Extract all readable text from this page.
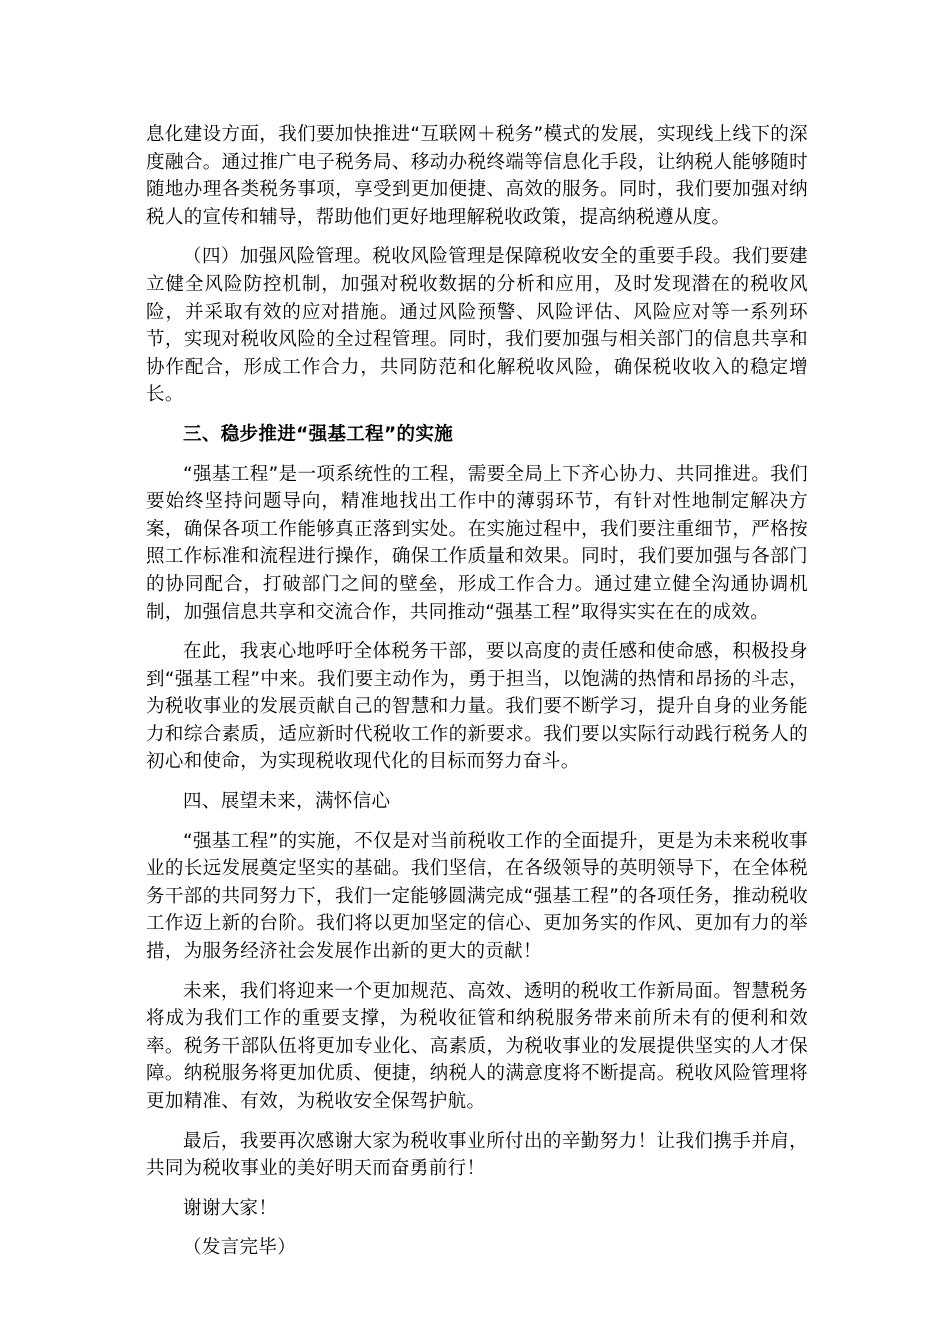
息化建设方面，我们要加快推进“互联网＋税务”模式的发展，实现线上线下的深度融合。通过推广电子税务局、移动办税终端等信息化手段，让纳税人能够随时随地办理各类税务事项，享受到更加便捷、高效的服务。同时，我们要加强对纳税人的宣传和辅导，帮助他们更好地理解税收政策，提高纳税遵从度。

（四）加强风险管理。税收风险管理是保障税收安全的重要手段。我们要建立健全风险防控机制，加强对税收数据的分析和应用，及时发现潜在的税收风险，并采取有效的应对措施。通过风险预警、风险评估、风险应对等一系列环节，实现对税收风险的全过程管理。同时，我们要加强与相关部门的信息共享和协作配合，形成工作合力，共同防范和化解税收风险，确保税收收入的稳定增长。

三、稳步推进“强基工程”的实施

“强基工程”是一项系统性的工程，需要全局上下齐心协力、共同推进。我们要始终坚持问题导向，精准地找出工作中的薄弱环节，有针对性地制定解决方案，确保各项工作能够真正落到实处。在实施过程中，我们要注重细节，严格按照工作标准和流程进行操作，确保工作质量和效果。同时，我们要加强与各部门的协同配合，打破部门之间的壁垒，形成工作合力。通过建立健全沟通协调机制，加强信息共享和交流合作，共同推动“强基工程”取得实实在在的成效。

在此，我衷心地呼吁全体税务干部，要以高度的责任感和使命感，积极投身到“强基工程”中来。我们要主动作为，勇于担当，以饱满的热情和昂扬的斗志，为税收事业的发展贡献自己的智慧和力量。我们要不断学习，提升自身的业务能力和综合素质，适应新时代税收工作的新要求。我们要以实际行动践行税务人的初心和使命，为实现税收现代化的目标而努力奋斗。

四、展望未来，满怀信心

“强基工程”的实施，不仅是对当前税收工作的全面提升，更是为未来税收事业的长远发展奠定坚实的基础。我们坚信，在各级领导的英明领导下，在全体税务干部的共同努力下，我们一定能够圆满完成“强基工程”的各项任务，推动税收工作迈上新的台阶。我们将以更加坚定的信心、更加务实的作风、更加有力的举措，为服务经济社会发展作出新的更大的贡献！

未来，我们将迎来一个更加规范、高效、透明的税收工作新局面。智慧税务将成为我们工作的重要支撑，为税收征管和纳税服务带来前所未有的便利和效率。税务干部队伍将更加专业化、高素质，为税收事业的发展提供坚实的人才保障。纳税服务将更加优质、便捷，纳税人的满意度将不断提高。税收风险管理将更加精准、有效，为税收安全保驾护航。

最后，我要再次感谢大家为税收事业所付出的辛勤努力！让我们携手并肩，共同为税收事业的美好明天而奋勇前行！

谢谢大家！

（发言完毕）
